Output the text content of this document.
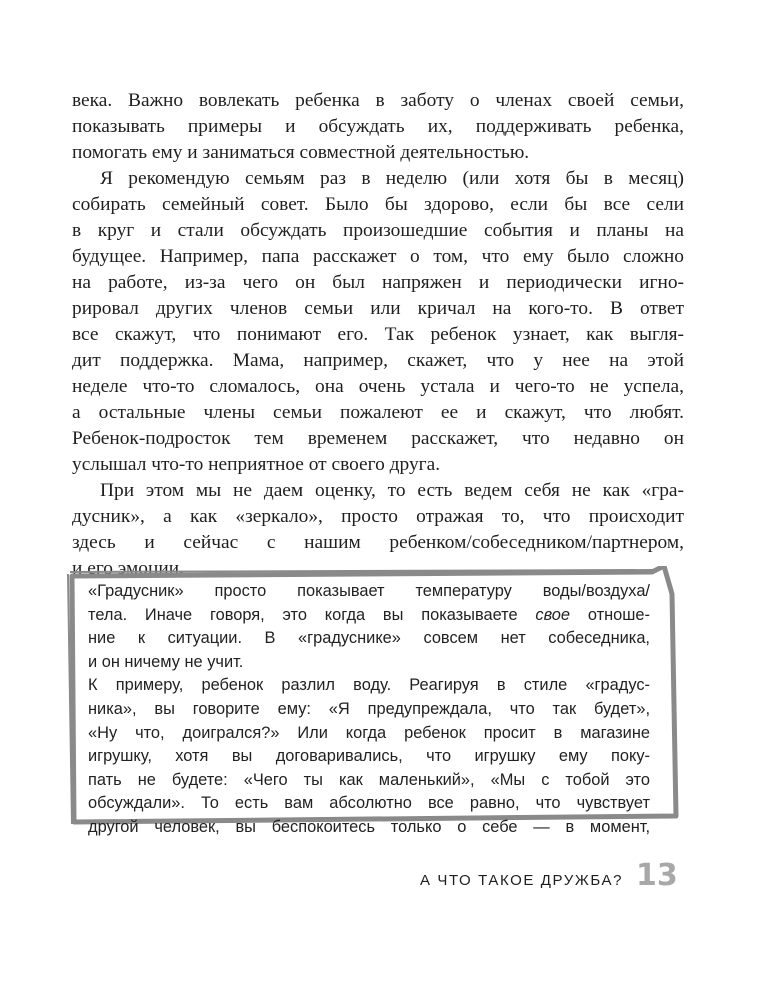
века. Важно вовлекать ребенка в заботу о членах своей семьи,
показывать примеры и обсуждать их, поддерживать ребенка,
помогать ему и заниматься совместной деятельностью.
Я рекомендую семьям раз в неделю (или хотя бы в месяц)
собирать семейный совет. Было бы здорово, если бы все сели
в круг и стали обсуждать произошедшие события и планы на
будущее. Например, папа расскажет о том, что ему было сложно
на работе, из-за чего он был напряжен и периодически игно-
рировал других членов семьи или кричал на кого-то. В ответ
все скажут, что понимают его. Так ребенок узнает, как выгля-
дит поддержка. Мама, например, скажет, что у нее на этой
неделе что-то сломалось, она очень устала и чего-то не успела,
а остальные члены семьи пожалеют ее и скажут, что любят.
Ребенок-подросток тем временем расскажет, что недавно он
услышал что-то неприятное от своего друга.
При этом мы не даем оценку, то есть ведем себя не как «гра-
дусник», а как «зеркало», просто отражая то, что происходит
здесь и сейчас с нашим ребенком/собеседником/партнером,
и его эмоции.
«Градусник» просто показывает температуру воды/воздуха/
тела. Иначе говоря, это когда вы показываете свое отноше-
ние к ситуации. В «градуснике» совсем нет собеседника,
и он ничему не учит.
К примеру, ребенок разлил воду. Реагируя в стиле «градус-
ника», вы говорите ему: «Я предупреждала, что так будет»,
«Ну что, доигрался?» Или когда ребенок просит в магазине
игрушку, хотя вы договаривались, что игрушку ему поку-
пать не будете: «Чего ты как маленький», «Мы с тобой это
обсуждали». То есть вам абсолютно все равно, что чувствует
другой человек, вы беспокоитесь только о себе — в момент,
А ЧТО ТАКОЕ ДРУЖБА? 13
